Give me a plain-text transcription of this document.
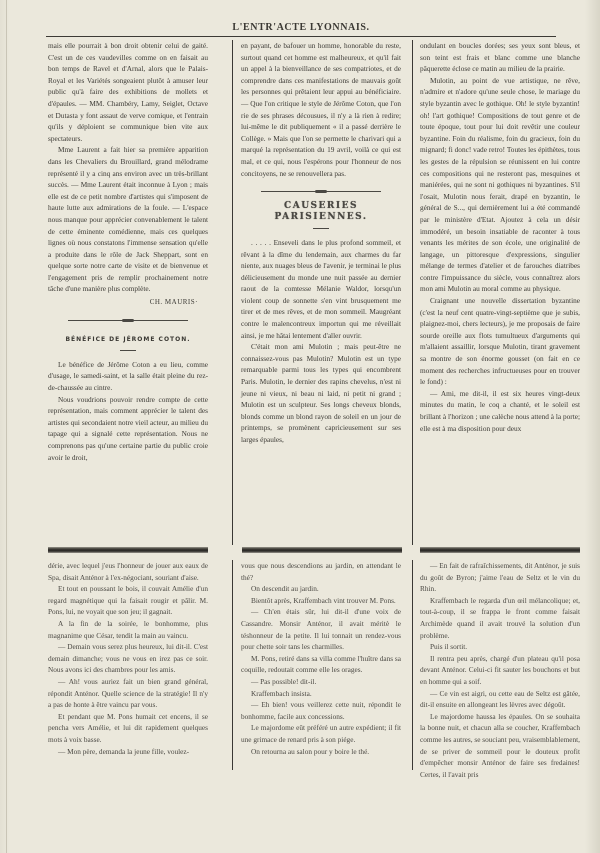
L'ENTR'ACTE LYONNAIS.

mais elle pourrait à bon droit obtenir celui de gaité. C'est un de ces vaudevilles comme on en faisait au bon temps de Ravel et d'Arnal, alors que le Palais-Royal et les Variétés songeaient plutôt à amuser leur public qu'à faire des exhibitions de mollets et d'épaules. — MM. Chambéry, Lamy, Seiglet, Octave et Dutasta y font assaut de verve comique, et l'entrain qu'ils y déploient se communique bien vite aux spectateurs.

Mme Laurent a fait hier sa première apparition dans les Chevaliers du Brouillard, grand mélodrame représenté il y a cinq ans environ avec un très-brillant succès. — Mme Laurent était inconnue à Lyon ; mais elle est de ce petit nombre d'artistes qui s'imposent de haute lutte aux admirations de la foule. — L'espace nous manque pour apprécier convenablement le talent de cette éminente comédienne, mais ces quelques lignes où nous constatons l'immense sensation qu'elle a produite dans le rôle de Jack Sheppart, sont en quelque sorte notre carte de visite et de bienvenue et l'engagement pris de remplir prochainement notre tâche d'une manière plus complète.

CH. MAURIS·

BÉNÉFICE DE JÉROME COTON.

Le bénéfice de Jérôme Coton a eu lieu, comme d'usage, le samedi-saint, et la salle était pleine du rez-de-chaussée au cintre.

Nous voudrions pouvoir rendre compte de cette représentation, mais comment apprécier le talent des artistes qui secondaient notre vieil acteur, au milieu du tapage qui a signalé cette représentation. Nous ne comprenons pas qu'une certaine partie du public croie avoir le droit,

en payant, de bafouer un homme, honorable du reste, surtout quand cet homme est malheureux, et qu'il fait un appel à la bienveillance de ses compatriotes, et de comprendre dans ces manifestations de mauvais goût les personnes qui prêtaient leur appui au bénéficiaire. — Que l'on critique le style de Jérôme Coton, que l'on rie de ses phrases décousues, il n'y a là rien à redire; lui-même le dit publiquement « il a passé derrière le Collège. » Mais que l'on se permette le charivari qui a marqué la représentation du 19 avril, voilà ce qui est mal, et ce qui, nous l'espérons pour l'honneur de nos concitoyens, ne se renouvellera pas.

CAUSERIES PARISIENNES.

. . . . . Enseveli dans le plus profond sommeil, et rêvant à la dîme du lendemain, aux charmes du far niente, aux nuages bleus de l'avenir, je terminai le plus délicieusement du monde une nuit passée au dernier raout de la comtesse Mélanie Waldor, lorsqu'un violent coup de sonnette s'en vint brusquement me tirer et de mes rêves, et de mon sommeil. Maugréant contre le malencontreux importun qui me réveillait ainsi, je me hâtai lentement d'aller ouvrir.

C'était mon ami Mulotin ; mais peut-être ne connaissez-vous pas Mulotin? Mulotin est un type remarquable parmi tous les types qui encombrent Paris. Mulotin, le dernier des rapins chevelus, n'est ni jeune ni vieux, ni beau ni laid, ni petit ni grand ; Mulotin est un sculpteur. Ses longs cheveux blonds, blonds comme un blond rayon de soleil en un jour de printemps, se promènent capricieusement sur ses larges épaules,

ondulant en boucles dorées; ses yeux sont bleus, et son teint est frais et blanc comme une blanche pâquerette éclose ce matin au milieu de la prairie.

Mulotin, au point de vue artistique, ne rêve, n'admire et n'adore qu'une seule chose, le mariage du style byzantin avec le gothique. Oh! le style byzantin! oh! l'art gothique! Compositions de tout genre et de toute époque, tout pour lui doit revêtir une couleur byzantine. Foin du réalisme, foin du gracieux, foin du mignard; fi donc! vade retro! Toutes les épithètes, tous les gestes de la répulsion se réunissent en lui contre ces compositions qui ne resteront pas, mesquines et maniérées, qui ne sont ni gothiques ni byzantines. S'il l'osait, Mulotin nous ferait, drapé en byzantin, le général de S..., qui dernièrement lui a été commandé par le ministère d'Etat. Ajoutez à cela un désir immodéré, un besoin insatiable de raconter à tous venants les mérites de son école, une originalité de langage, un pittoresque d'expressions, singulier mélange de termes d'atelier et de farouches diatribes contre l'impuissance du siècle, vous connaîtrez alors mon ami Mulotin au moral comme au physique.

Craignant une nouvelle dissertation byzantine (c'est la neuf cent quatre-vingt-septième que je subis, plaignez-moi, chers lecteurs), je me proposais de faire sourde oreille aux flots tumultueux d'arguments qui m'allaient assaillir, lorsque Mulotin, tirant gravement sa montre de son énorme gousset (on fait en ce moment des recherches infructueuses pour en trouver le fond) :

— Ami, me dit-il, il est six heures vingt-deux minutes du matin, le coq a chanté, et le soleil est brillant à l'horizon ; une calèche nous attend à la porte; elle est à ma disposition pour deux

dérie, avec lequel j'eus l'honneur de jouer aux eaux de Spa, disait Anténor à l'ex-négociant, souriant d'aise.

Et tout en poussant le bois, il couvait Amélie d'un regard magnétique qui la faisait rougir et pâlir. M. Pons, lui, ne voyait que son jeu; il gagnait.

A la fin de la soirée, le bonhomme, plus magnanime que César, tendit la main au vaincu.

— Demain vous serez plus heureux, lui dit-il. C'est demain dimanche; vous ne vous en irez pas ce soir. Nous avons ici des chambres pour les amis.

— Ah! vous auriez fait un bien grand général, répondit Anténor. Quelle science de la stratégie! Il n'y a pas de honte à être vaincu par vous.

Et pendant que M. Pons humait cet encens, il se pencha vers Amélie, et lui dit rapidement quelques mots à voix basse.

— Mon père, demanda la jeune fille, voulez-

vous que nous descendions au jardin, en attendant le thé?

On descendit au jardin.

Bientôt après, Kraffembach vint trouver M. Pons.

— Ch'en étais sûr, lui dit-il d'une voix de Cassandre. Monsir Anténor, il avait méritè le téshonneur de la petite. Il lui tonnait un rendez-vous pour chette soir tans les charmilles.

M. Pons, retiré dans sa villa comme l'huître dans sa coquille, redoutait comme elle les orages.

— Pas possible! dit-il.

Kraffembach insista.

— Eh bien! vous veillerez cette nuit, répondit le bonhomme, facile aux concessions.

Le majordome eût préféré un autre expédient; il fit une grimace de renard pris à son piége.

On retourna au salon pour y boire le thé.

— En fait de rafraîchissements, dit Anténor, je suis du goût de Byron; j'aime l'eau de Seltz et le vin du Rhin.

Kraffembach le regarda d'un œil mélancolique; et, tout-à-coup, il se frappa le front comme faisait Archimède quand il avait trouvé la solution d'un problème.

Puis il sortit.

Il rentra peu après, chargé d'un plateau qu'il posa devant Anténor. Celui-ci fit sauter les bouchons et but en homme qui a soif.

— Ce vin est aigri, ou cette eau de Seltz est gâtée, dit-il ensuite en allongeant les lèvres avec dégoût.

Le majordome haussa les épaules. On se souhaita la bonne nuit, et chacun alla se coucher, Kraffembach comme les autres, se souciant peu, vraisemblablement, de se priver de sommeil pour le douteux profit d'empêcher monsir Anténor de faire ses fredaines! Certes, il l'avait pris
